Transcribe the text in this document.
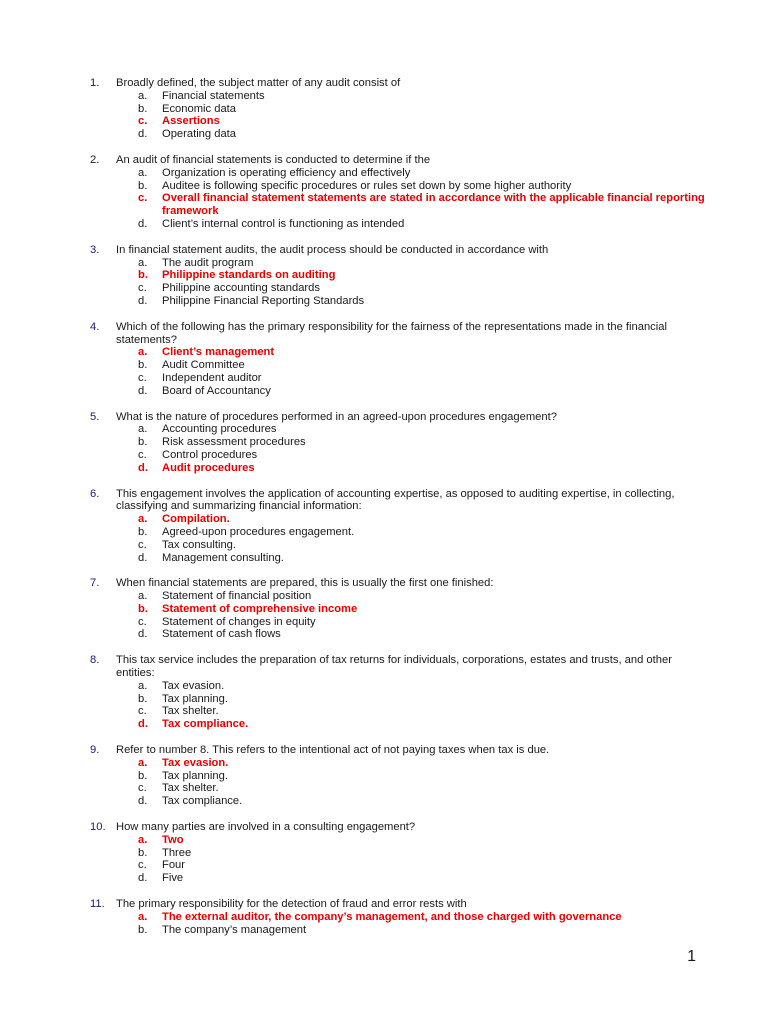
1.	Broadly defined, the subject matter of any audit consist of
a. Financial statements
b. Economic data
c. Assertions
d. Operating data
2.	An audit of financial statements is conducted to determine if the
a. Organization is operating efficiency and effectively
b. Auditee is following specific procedures or rules set down by some higher authority
c. Overall financial statement statements are stated in accordance with the applicable financial reporting framework
d. Client’s internal control is functioning as intended
3.	In financial statement audits, the audit process should be conducted in accordance with
a. The audit program
b. Philippine standards on auditing
c. Philippine accounting standards
d. Philippine Financial Reporting Standards
4.	Which of the following has the primary responsibility for the fairness of the representations made in the financial statements?
a. Client’s management
b. Audit Committee
c. Independent auditor
d. Board of Accountancy
5.	What is the nature of procedures performed in an agreed-upon procedures engagement?
a. Accounting procedures
b. Risk assessment procedures
c. Control procedures
d. Audit procedures
6.	This engagement involves the application of accounting expertise, as opposed to auditing expertise, in collecting, classifying and summarizing financial information:
a. Compilation.
b. Agreed-upon procedures engagement.
c. Tax consulting.
d. Management consulting.
7.	When financial statements are prepared, this is usually the first one finished:
a. Statement of financial position
b. Statement of comprehensive income
c. Statement of changes in equity
d. Statement of cash flows
8.	This tax service includes the preparation of tax returns for individuals, corporations, estates and trusts, and other entities:
a. Tax evasion.
b. Tax planning.
c. Tax shelter.
d. Tax compliance.
9.	Refer to number 8. This refers to the intentional act of not paying taxes when tax is due.
a. Tax evasion.
b. Tax planning.
c. Tax shelter.
d. Tax compliance.
10. How many parties are involved in a consulting engagement?
a. Two
b. Three
c. Four
d. Five
11.	The primary responsibility for the detection of fraud and error rests with
a. The external auditor, the company’s management, and those charged with governance
b. The company’s management
1
